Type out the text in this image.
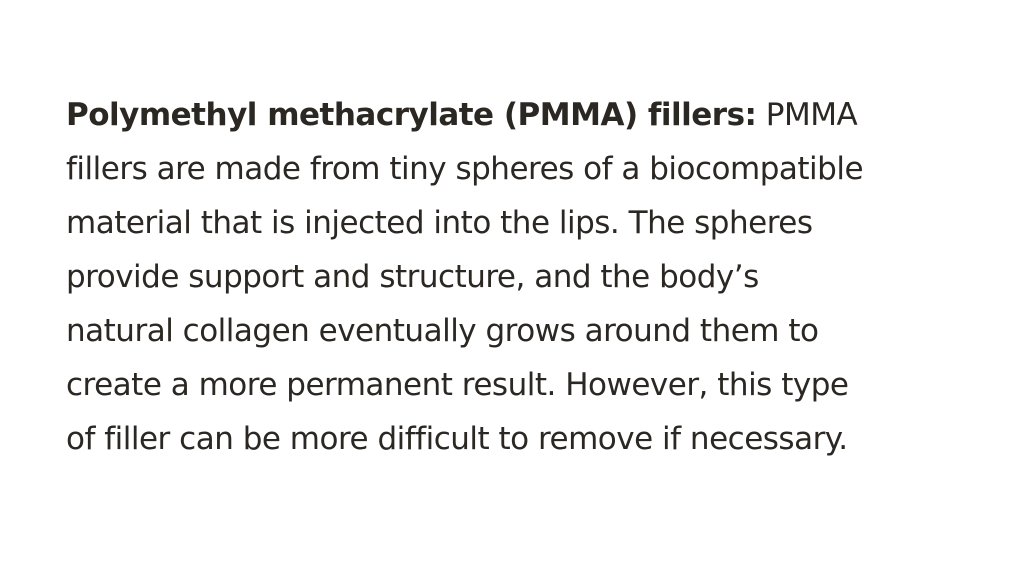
Polymethyl methacrylate (PMMA) fillers: PMMA
fillers are made from tiny spheres of a biocompatible
material that is injected into the lips. The spheres
provide support and structure, and the body’s
natural collagen eventually grows around them to
create a more permanent result. However, this type
of filler can be more difficult to remove if necessary.
